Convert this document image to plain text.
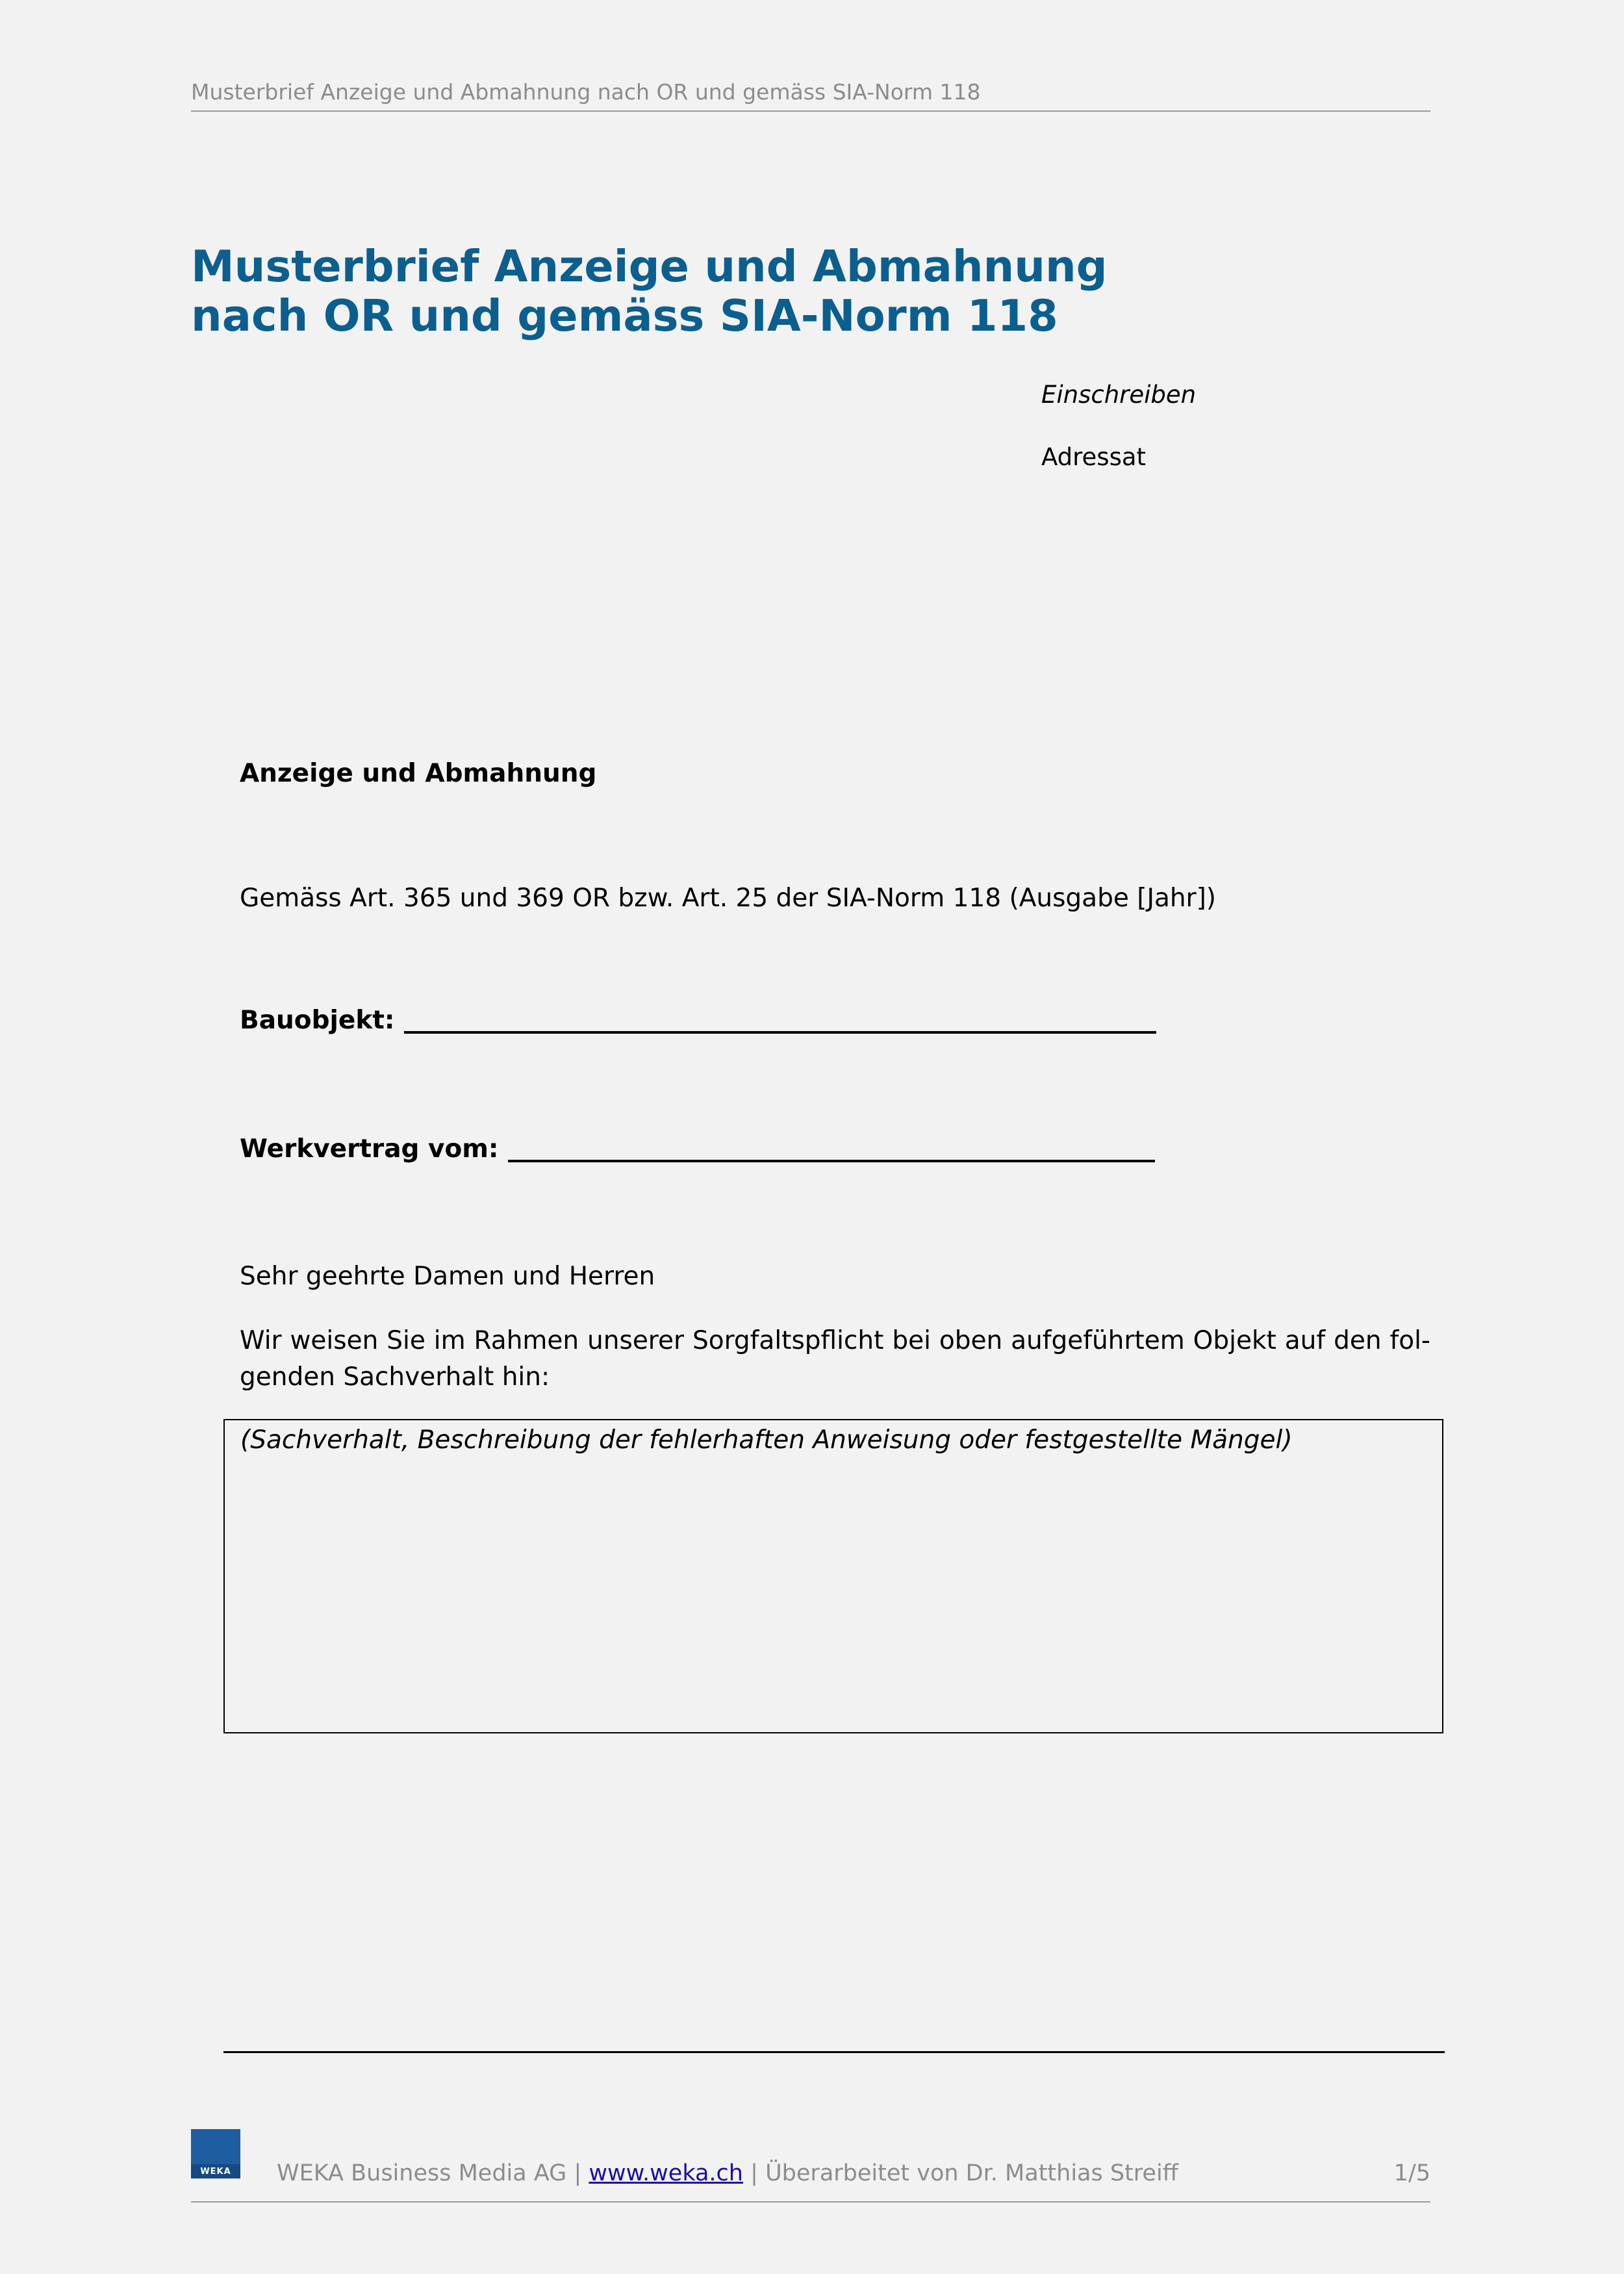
Musterbrief Anzeige und Abmahnung nach OR und gemäss SIA-Norm 118
Musterbrief Anzeige und Abmahnung
nach OR und gemäss SIA-Norm 118
Einschreiben
Adressat
Anzeige und Abmahnung
Gemäss Art. 365 und 369 OR bzw. Art. 25 der SIA-Norm 118 (Ausgabe [Jahr])
Bauobjekt:
Werkvertrag vom:
Sehr geehrte Damen und Herren
Wir weisen Sie im Rahmen unserer Sorgfaltspflicht bei oben aufgeführtem Objekt auf den fol-genden Sachverhalt hin:
(Sachverhalt, Beschreibung der fehlerhaften Anweisung oder festgestellte Mängel)
WEKA	WEKA Business Media AG | www.weka.ch | Überarbeitet von Dr. Matthias Streiff	1/5
